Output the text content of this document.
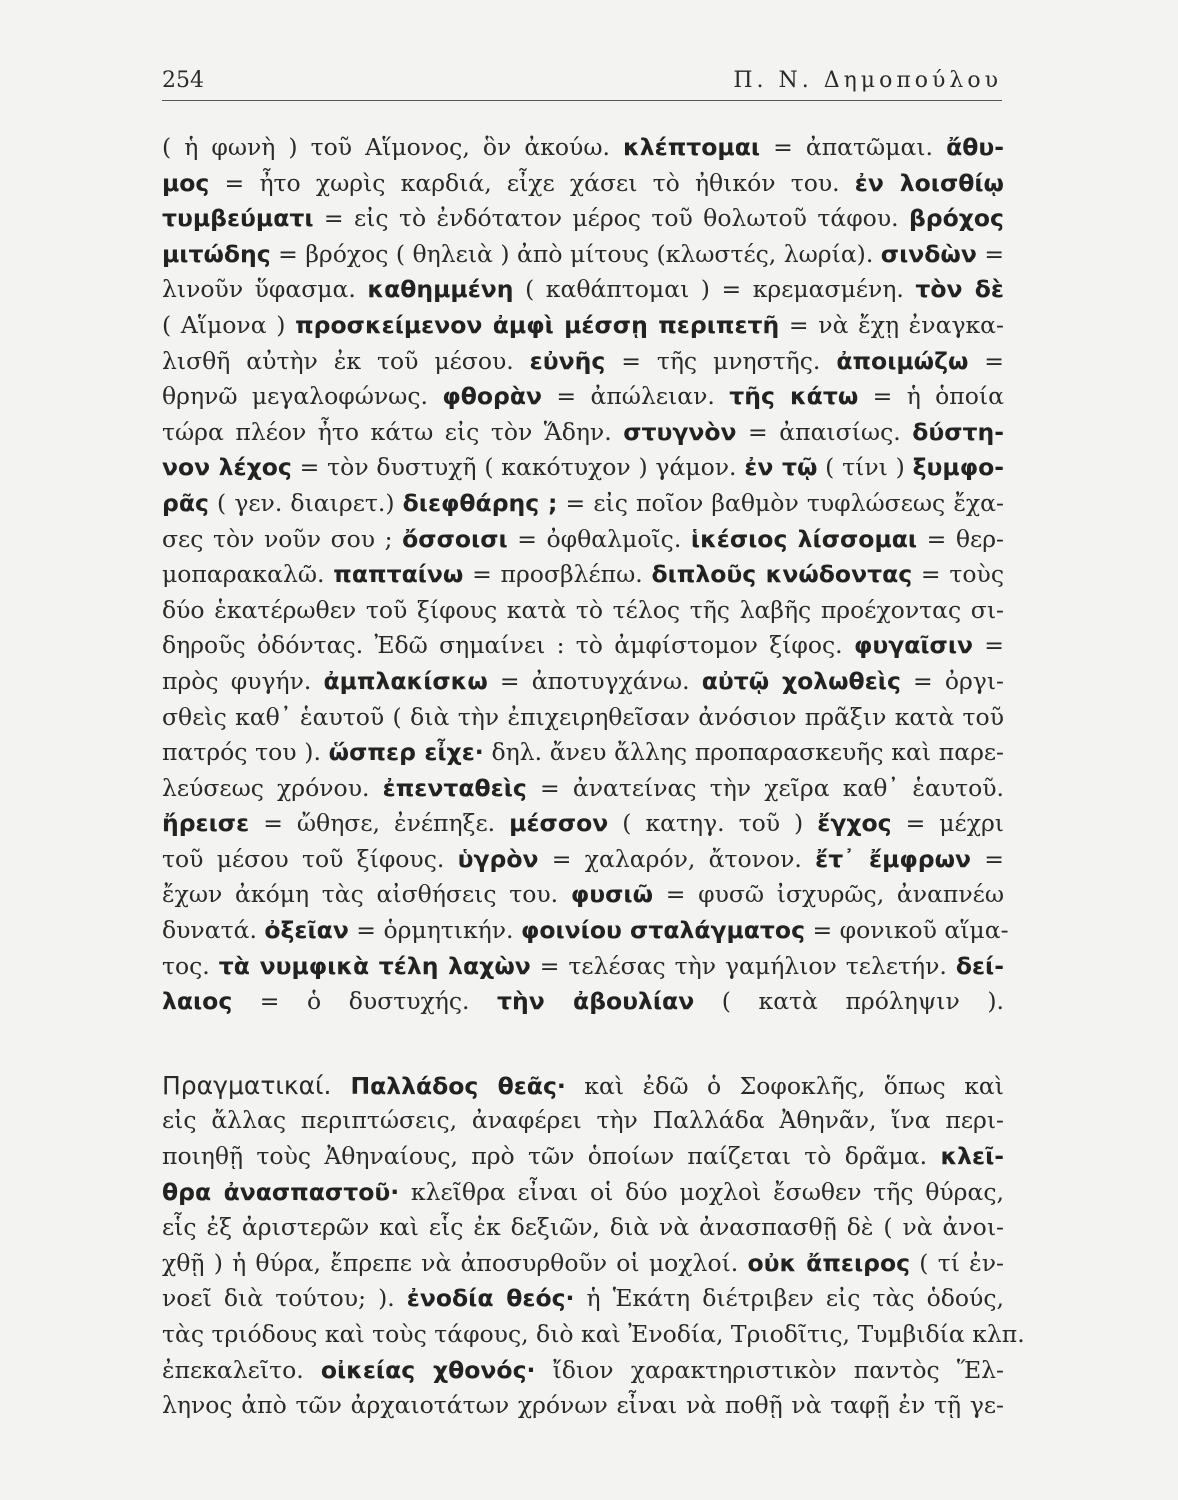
254	Π. Ν. Δημοπούλου
( ἡ φωνὴ ) τοῦ Αἵμονος, ὃν ἀκούω. κλέπτομαι = ἀπατῶμαι. ἄθυ-
μος = ἦτο χωρὶς καρδιά, εἶχε χάσει τὸ ἠθικόν του. ἐν λοισθίῳ
τυμβεύματι = εἰς τὸ ἐνδότατον μέρος τοῦ θολωτοῦ τάφου. βρόχος
μιτώδης = βρόχος ( θηλειὰ ) ἀπὸ μίτους (κλωστές, λωρία). σινδὼν =
λινοῦν ὕφασμα. καθημμένη ( καθάπτομαι ) = κρεμασμένη. τὸν δὲ
( Αἵμονα ) προσκείμενον ἀμφὶ μέσσῃ περιπετῆ = νὰ ἔχῃ ἐναγκα-
λισθῆ αὐτὴν ἐκ τοῦ μέσου. εὐνῆς = τῆς μνηστῆς. ἀποιμώζω =
θρηνῶ μεγαλοφώνως. φθορὰν = ἀπώλειαν. τῆς κάτω = ἡ ὁποία
τώρα πλέον ἦτο κάτω εἰς τὸν Ἅδην. στυγνὸν = ἀπαισίως. δύστη-
νον λέχος = τὸν δυστυχῆ ( κακότυχον ) γάμον. ἐν τῷ ( τίνι ) ξυμφο-
ρᾶς ( γεν. διαιρετ.) διεφθάρης ; = εἰς ποῖον βαθμὸν τυφλώσεως ἔχα-
σες τὸν νοῦν σου ; ὄσσοισι = ὀφθαλμοῖς. ἱκέσιος λίσσομαι = θερ-
μοπαρακαλῶ. παπταίνω = προσβλέπω. διπλοῦς κνώδοντας = τοὺς
δύο ἑκατέρωθεν τοῦ ξίφους κατὰ τὸ τέλος τῆς λαβῆς προέχοντας σι-
δηροῦς ὀδόντας. Ἐδῶ σημαίνει : τὸ ἀμφίστομον ξίφος. φυγαῖσιν =
πρὸς φυγήν. ἀμπλακίσκω = ἀποτυγχάνω. αὐτῷ χολωθεὶς = ὀργι-
σθεὶς καθ᾿ ἑαυτοῦ ( διὰ τὴν ἐπιχειρηθεῖσαν ἀνόσιον πρᾶξιν κατὰ τοῦ
πατρός του ). ὥσπερ εἶχε· δηλ. ἄνευ ἄλλης προπαρασκευῆς καὶ παρε-
λεύσεως χρόνου. ἐπενταθεὶς = ἀνατείνας τὴν χεῖρα καθ᾿ ἑαυτοῦ.
ἤρεισε = ὤθησε, ἐνέπηξε. μέσσον ( κατηγ. τοῦ ) ἔγχος = μέχρι
τοῦ μέσου τοῦ ξίφους. ὑγρὸν = χαλαρόν, ἄτονον. ἔτ᾿ ἔμφρων =
ἔχων ἀκόμη τὰς αἰσθήσεις του. φυσιῶ = φυσῶ ἰσχυρῶς, ἀναπνέω
δυνατά. ὀξεῖαν = ὁρμητικήν. φοινίου σταλάγματος = φονικοῦ αἵμα-
τος. τὰ νυμφικὰ τέλη λαχὼν = τελέσας τὴν γαμήλιον τελετήν. δεί-
λαιος = ὁ δυστυχής. τὴν ἀβουλίαν ( κατὰ πρόληψιν ).
Πραγματικαί. Παλλάδος θεᾶς· καὶ ἐδῶ ὁ Σοφοκλῆς, ὅπως καὶ
εἰς ἄλλας περιπτώσεις, ἀναφέρει τὴν Παλλάδα Ἀθηνᾶν, ἵνα περι-
ποιηθῇ τοὺς Ἀθηναίους, πρὸ τῶν ὁποίων παίζεται τὸ δρᾶμα. κλεῖ-
θρα ἀνασπαστοῦ· κλεῖθρα εἶναι οἱ δύο μοχλοὶ ἔσωθεν τῆς θύρας,
εἷς ἐξ ἀριστερῶν καὶ εἷς ἐκ δεξιῶν, διὰ νὰ ἀνασπασθῇ δὲ ( νὰ ἀνοι-
χθῇ ) ἡ θύρα, ἔπρεπε νὰ ἀποσυρθοῦν οἱ μοχλοί. οὐκ ἄπειρος ( τί ἐν-
νοεῖ διὰ τούτου; ). ἐνοδία θεός· ἡ Ἑκάτη διέτριβεν εἰς τὰς ὁδούς,
τὰς τριόδους καὶ τοὺς τάφους, διὸ καὶ Ἐνοδία, Τριοδῖτις, Τυμβιδία κλπ.
ἐπεκαλεῖτο. οἰκείας χθονός· ἴδιον χαρακτηριστικὸν παντὸς Ἕλ-
ληνος ἀπὸ τῶν ἀρχαιοτάτων χρόνων εἶναι νὰ ποθῇ νὰ ταφῇ ἐν τῇ γε-
